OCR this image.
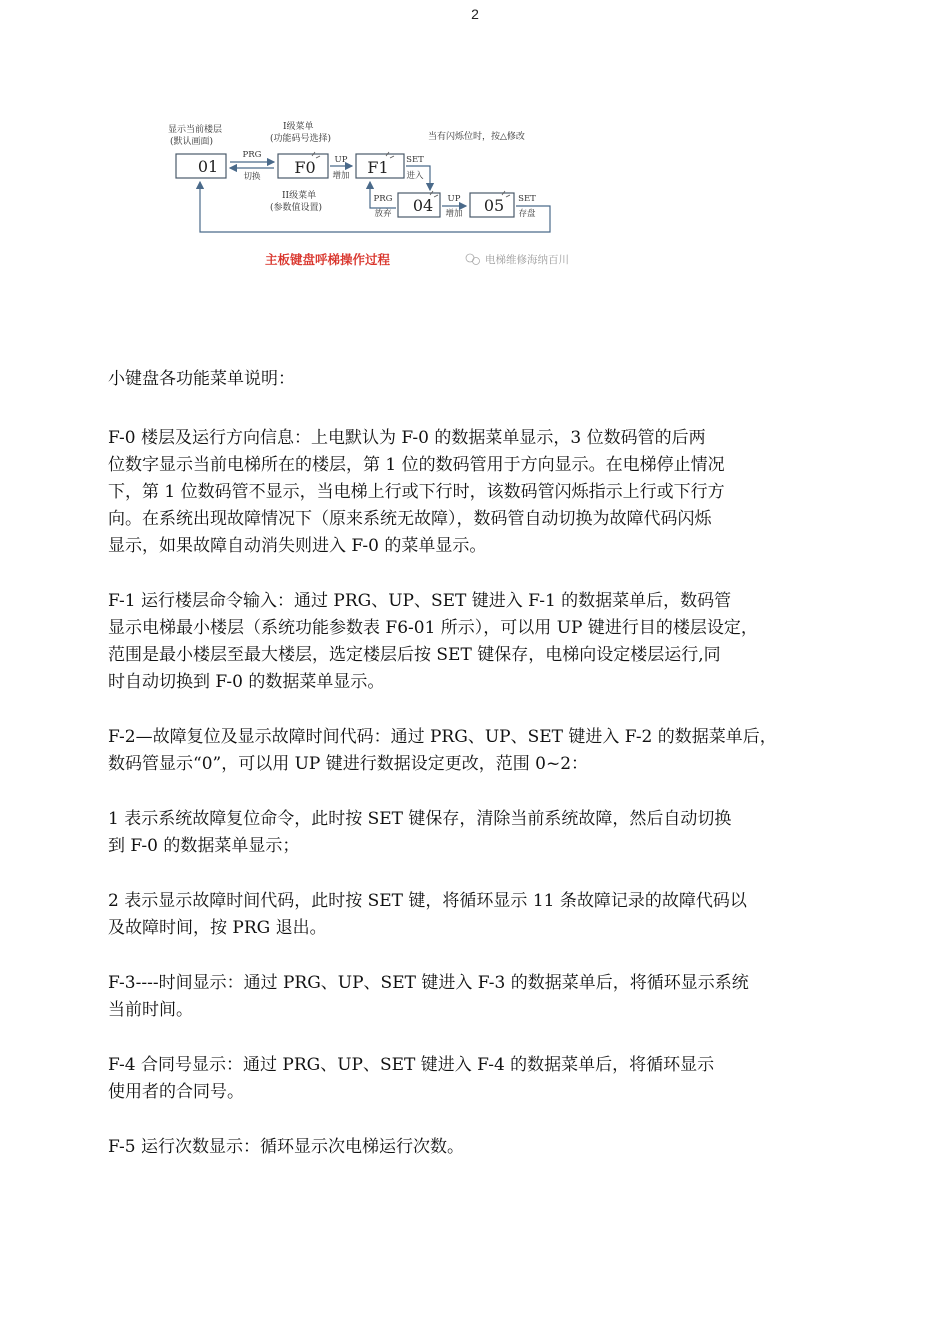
2
显示当前楼层
(默认画面)
I级菜单
(功能码号选择)	当有闪烁位时，按△修改
II级菜单
(参数值设置)
01	F0	F1
04	05
PRG
切换
UP
增加
SET
进入
PRG
放弃
UP
增加
SET
存盘
主板键盘呼梯操作过程	电梯维修海纳百川

小键盘各功能菜单说明：

F-0 楼层及运行方向信息：上电默认为 F-0 的数据菜单显示，3 位数码管的后两
位数字显示当前电梯所在的楼层，第 1 位的数码管用于方向显示。在电梯停止情况
下，第 1 位数码管不显示，当电梯上行或下行时，该数码管闪烁指示上行或下行方
向。在系统出现故障情况下（原来系统无故障），数码管自动切换为故障代码闪烁
显示，如果故障自动消失则进入 F-0 的菜单显示。

F-1 运行楼层命令输入：通过 PRG、UP、SET 键进入 F-1 的数据菜单后，数码管
显示电梯最小楼层（系统功能参数表 F6-01 所示），可以用 UP 键进行目的楼层设定，
范围是最小楼层至最大楼层，选定楼层后按 SET 键保存，电梯向设定楼层运行,同
时自动切换到 F-0 的数据菜单显示。

F-2—故障复位及显示故障时间代码：通过 PRG、UP、SET 键进入 F-2 的数据菜单后，
数码管显示“0”，可以用 UP 键进行数据设定更改，范围 0~2：

1 表示系统故障复位命令，此时按 SET 键保存，清除当前系统故障，然后自动切换
到 F-0 的数据菜单显示；

2 表示显示故障时间代码，此时按 SET 键，将循环显示 11 条故障记录的故障代码以
及故障时间，按 PRG 退出。

F-3----时间显示：通过 PRG、UP、SET 键进入 F-3 的数据菜单后，将循环显示系统
当前时间。

F-4 合同号显示：通过 PRG、UP、SET 键进入 F-4 的数据菜单后，将循环显示
使用者的合同号。

F-5 运行次数显示：循环显示次电梯运行次数。
